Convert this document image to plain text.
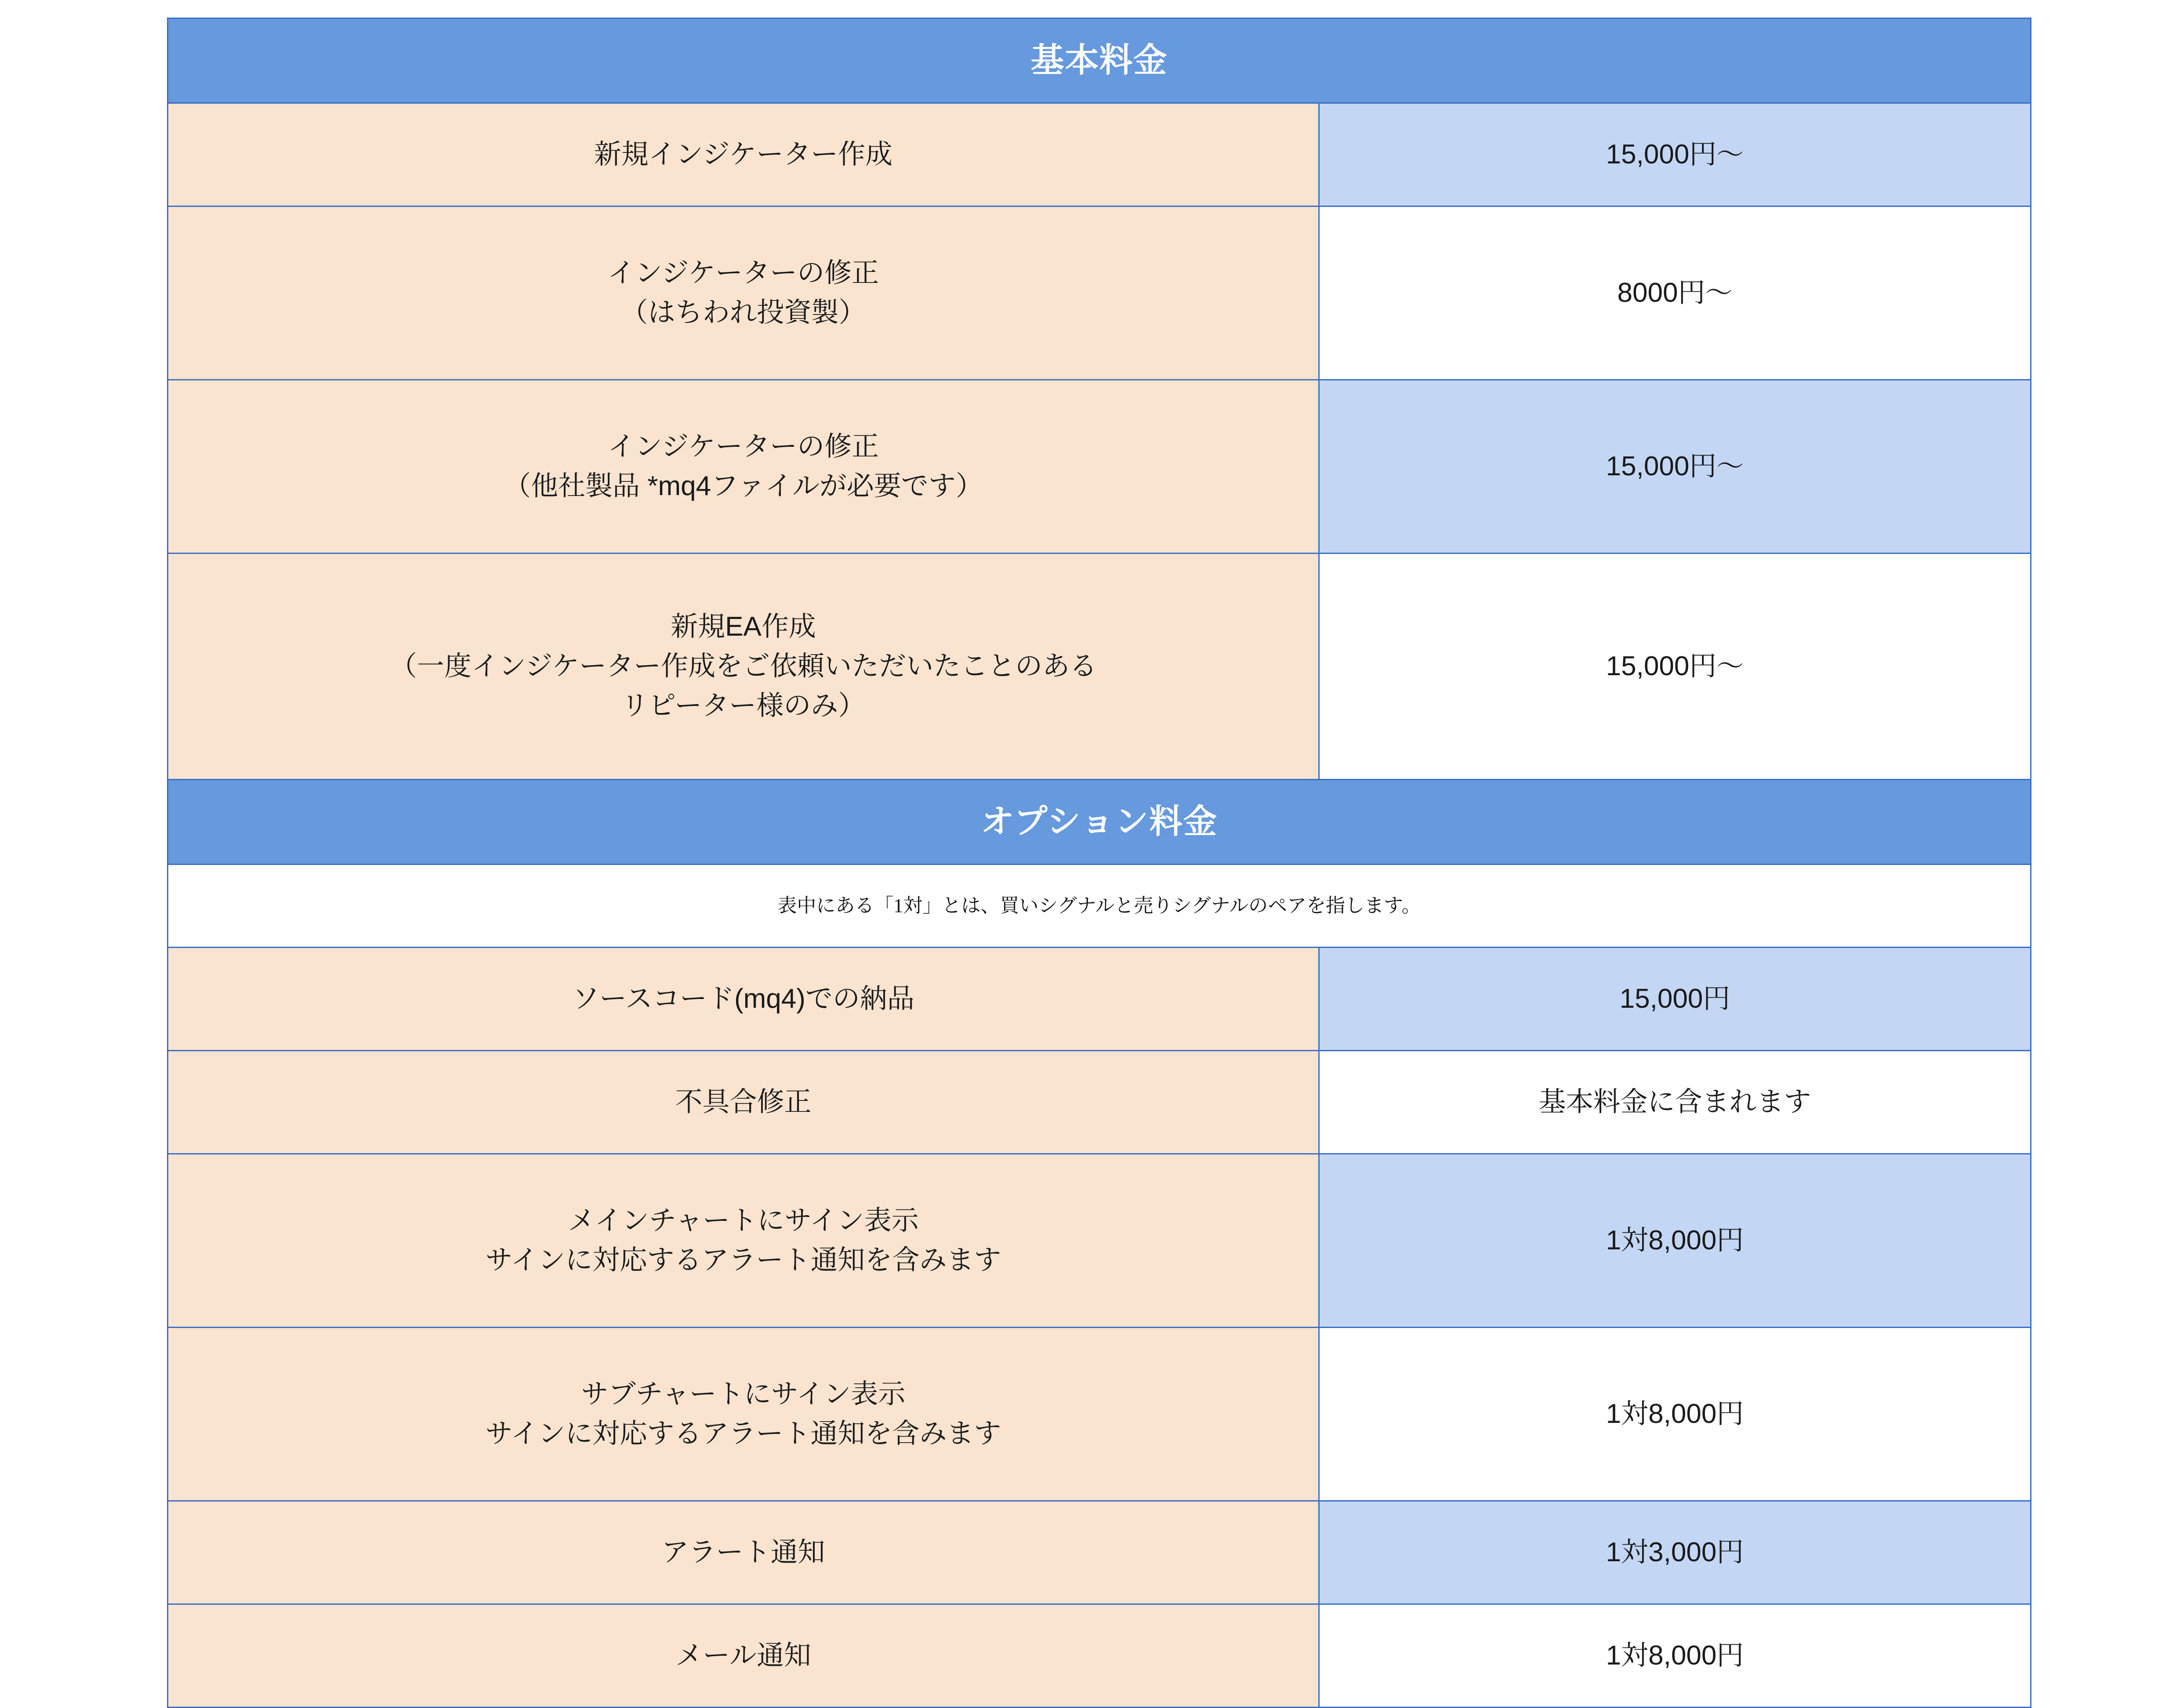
基本料金	

新規インジケーター作成	15,000円〜

インジケーターの修正
（はちわれ投資製）	8000円〜

インジケーターの修正
（他社製品 *mq4ファイルが必要です）	15,000円〜

新規EA作成
（一度インジケーター作成をご依頼いただいたことのある
リピーター様のみ）	15,000円〜
オプション料金	
表中にある「1対」とは、買いシグナルと売りシグナルのペアを指します。	

ソースコード(mq4)での納品	15,000円

不具合修正	基本料金に含まれます

メインチャートにサイン表示
サインに対応するアラート通知を含みます	1対8,000円

サブチャートにサイン表示
サインに対応するアラート通知を含みます	1対8,000円

アラート通知	1対3,000円

メール通知	1対8,000円
